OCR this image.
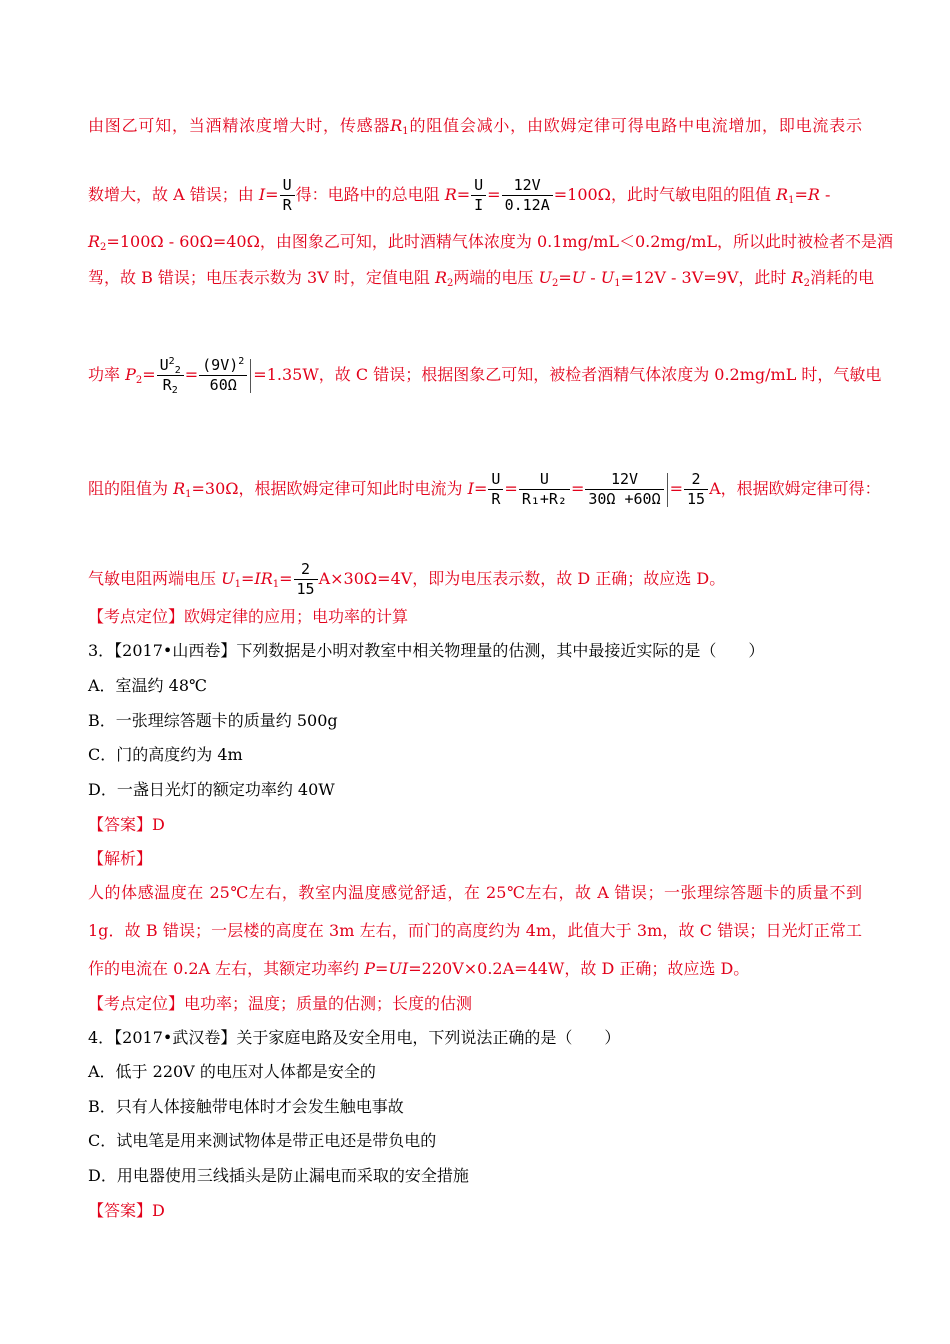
由图乙可知，当酒精浓度增大时，传感器$R_1$的阻值会减小，由欧姆定律可得电路中电流增加，即电流表示
数增大，故 A 错误；由 $I= \frac{U}{R}$ 得：电路中的总电阻 $R= \frac{U}{I} = \frac{12V}{0.12A} =100\Omega$，此时气敏电阻的阻值 $R_1=R$ -
$R_2=100\Omega - 60\Omega=40\Omega$，由图象乙可知，此时酒精气体浓度为 0.1mg/mL＜0.2mg/mL，所以此时被检者不是酒
驾，故 B 错误；电压表示数为 3V 时，定值电阻 $R_2$两端的电压 $U_2=U - U_1=12V - 3V=9V$，此时 $R_2$消耗的电
功率 $P_2= \frac{U^2_2}{R_2} = \frac{(9V)^2}{60\Omega} =1.35W$，故 C 错误；根据图象乙可知，被检者酒精气体浓度为 0.2mg/mL 时，气敏电
阻的阻值为 $R_1=30\Omega$，根据欧姆定律可知此时电流为 $I= \frac{U}{R} = \frac{U}{\text{R₁+R₂}} = \frac{12V}{30\Omega +60\Omega} = \frac{2}{15}$ A，根据欧姆定律可得：
气敏电阻两端电压 $U_1=IR_1= \frac{2}{15} A\times 30\Omega=4V$，即为电压表示数，故 D 正确；故应选 D。
【考点定位】欧姆定律的应用；电功率的计算
3．【2017•山西卷】下列数据是小明对教室中相关物理量的估测，其中最接近实际的是（　　）
A．室温约 48℃
B．一张理综答题卡的质量约 500g
C．门的高度约为 4m
D．一盏日光灯的额定功率约 40W
【答案】D
【解析】
人的体感温度在 25℃左右，教室内温度感觉舒适，在 25℃左右，故 A 错误；一张理综答题卡的质量不到
1g．故 B 错误；一层楼的高度在 3m 左右，而门的高度约为 4m，此值大于 3m，故 C 错误；日光灯正常工
作的电流在 0.2A 左右，其额定功率约 P=UI=220V×0.2A=44W，故 D 正确；故应选 D。
【考点定位】电功率；温度；质量的估测；长度的估测
4．【2017•武汉卷】关于家庭电路及安全用电，下列说法正确的是（　　）
A．低于 220V 的电压对人体都是安全的
B．只有人体接触带电体时才会发生触电事故
C．试电笔是用来测试物体是带正电还是带负电的
D．用电器使用三线插头是防止漏电而采取的安全措施
【答案】D
